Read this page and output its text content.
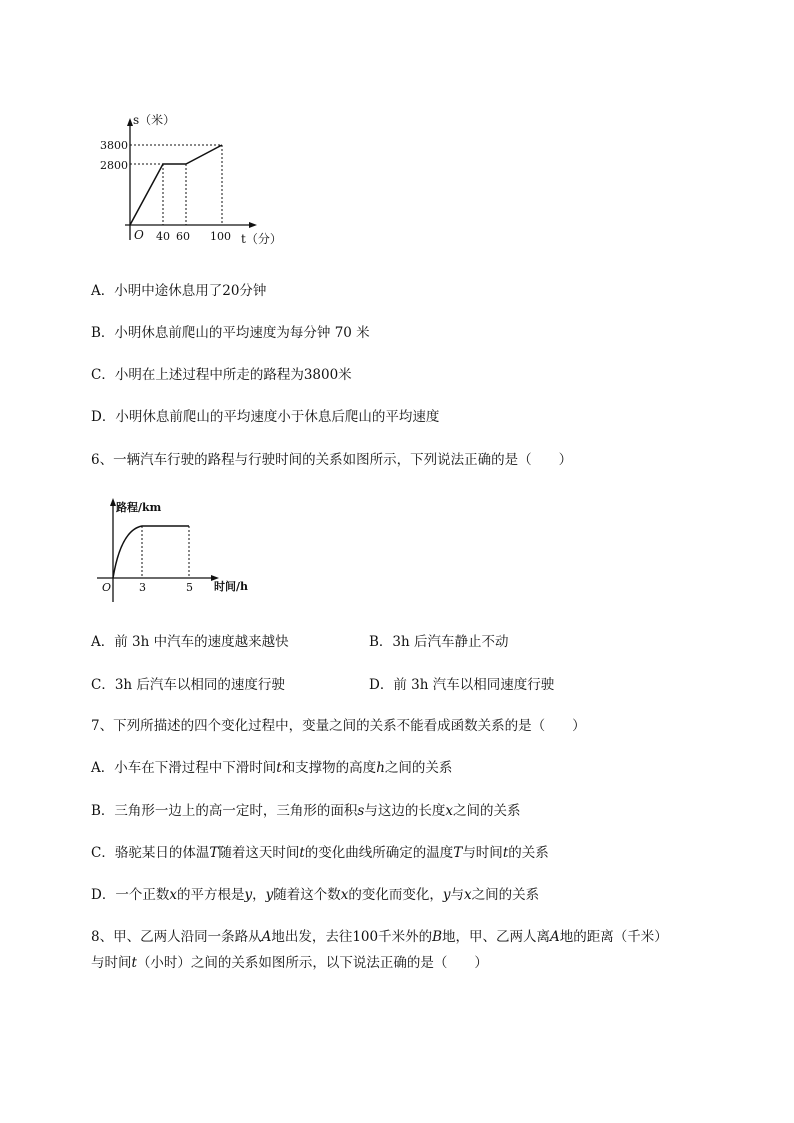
s（米）
t（分）
O
3800
2800
40 60 100
A．小明中途休息用了20分钟
B．小明休息前爬山的平均速度为每分钟 70 米
C．小明在上述过程中所走的路程为3800米
D．小明休息前爬山的平均速度小于休息后爬山的平均速度
6、一辆汽车行驶的路程与行驶时间的关系如图所示，下列说法正确的是（　　）
路程/km
时间/h
O	3	5
A．前 3h 中汽车的速度越来越快	B．3h 后汽车静止不动
C．3h 后汽车以相同的速度行驶	D．前 3h 汽车以相同速度行驶
7、下列所描述的四个变化过程中，变量之间的关系不能看成函数关系的是（　　）
A．小车在下滑过程中下滑时间t和支撑物的高度h之间的关系
B．三角形一边上的高一定时，三角形的面积s与这边的长度x之间的关系
C．骆驼某日的体温T随着这天时间t的变化曲线所确定的温度T与时间t的关系
D．一个正数x的平方根是y，y随着这个数x的变化而变化，y与x之间的关系
8、甲、乙两人沿同一条路从A地出发，去往100千米外的B地，甲、乙两人离A地的距离（千米）
与时间t（小时）之间的关系如图所示，以下说法正确的是（　　）
